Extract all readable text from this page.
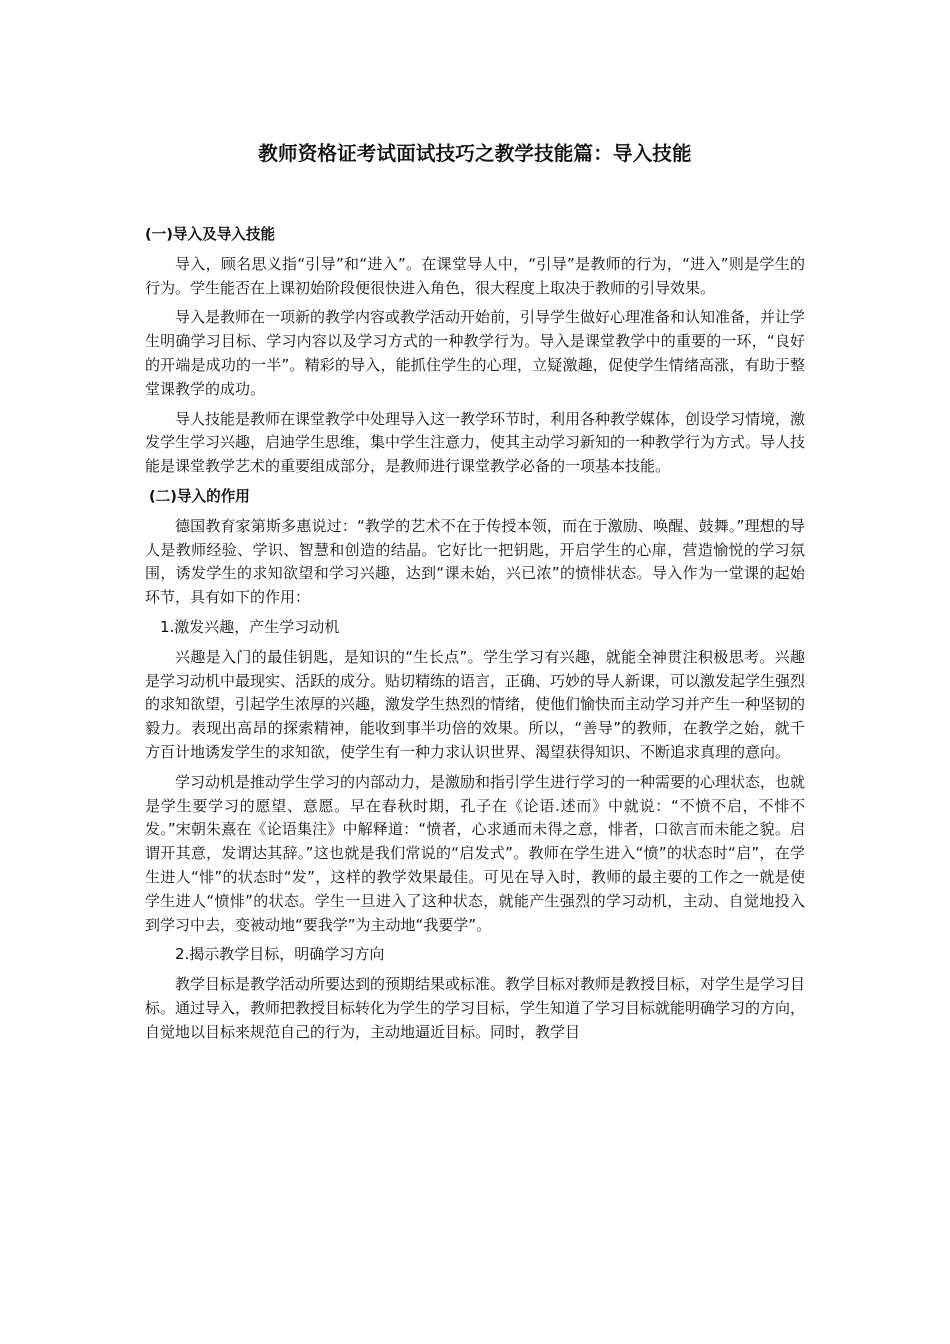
教师资格证考试面试技巧之教学技能篇：导入技能
(一)导入及导入技能

导入，顾名思义指“引导”和“进入”。在课堂导人中，“引导”是教师的行为，“进入”则是学生的行为。学生能否在上课初始阶段便很快进入角色，很大程度上取决于教师的引导效果。

导入是教师在一项新的教学内容或教学活动开始前，引导学生做好心理准备和认知准备，并让学生明确学习目标、学习内容以及学习方式的一种教学行为。导入是课堂教学中的重要的一环，“良好的开端是成功的一半”。精彩的导入，能抓住学生的心理，立疑激趣，促使学生情绪高涨，有助于整堂课教学的成功。

导人技能是教师在课堂教学中处理导入这一教学环节时，利用各种教学媒体，创设学习情境，激发学生学习兴趣，启迪学生思维，集中学生注意力，使其主动学习新知的一种教学行为方式。导人技能是课堂教学艺术的重要组成部分，是教师进行课堂教学必备的一项基本技能。

(二)导入的作用

德国教育家第斯多惠说过：“教学的艺术不在于传授本领，而在于激励、唤醒、鼓舞。”理想的导人是教师经验、学识、智慧和创造的结晶。它好比一把钥匙，开启学生的心扉，营造愉悦的学习氛围，诱发学生的求知欲望和学习兴趣，达到“课未始，兴已浓”的愤悱状态。导入作为一堂课的起始环节，具有如下的作用：

1.激发兴趣，产生学习动机

兴趣是入门的最佳钥匙，是知识的“生长点”。学生学习有兴趣，就能全神贯注积极思考。兴趣是学习动机中最现实、活跃的成分。贴切精练的语言，正确、巧妙的导人新课，可以激发起学生强烈的求知欲望，引起学生浓厚的兴趣，激发学生热烈的情绪，使他们愉快而主动学习并产生一种坚韧的毅力。表现出高昂的探索精神，能收到事半功倍的效果。所以，“善导”的教师，在教学之始，就千方百计地诱发学生的求知欲，使学生有一种力求认识世界、渴望获得知识、不断追求真理的意向。

学习动机是推动学生学习的内部动力，是激励和指引学生进行学习的一种需要的心理状态，也就是学生要学习的愿望、意愿。早在春秋时期，孔子在《论语.述而》中就说：“不愤不启，不悱不发。”宋朝朱熹在《论语集注》中解释道：“愤者，心求通而未得之意，悱者，口欲言而未能之貌。启谓开其意，发谓达其辞。”这也就是我们常说的“启发式”。教师在学生进入“愤”的状态时“启”，在学生进人“悱”的状态时“发”，这样的教学效果最佳。可见在导入时，教师的最主要的工作之一就是使学生进人“愤悱”的状态。学生一旦进入了这种状态，就能产生强烈的学习动机，主动、自觉地投入到学习中去，变被动地“要我学”为主动地“我要学”。

2.揭示教学目标，明确学习方向

教学目标是教学活动所要达到的预期结果或标准。教学目标对教师是教授目标，对学生是学习目标。通过导入，教师把教授目标转化为学生的学习目标，学生知道了学习目标就能明确学习的方向，自觉地以目标来规范自己的行为，主动地逼近目标。同时，教学目
